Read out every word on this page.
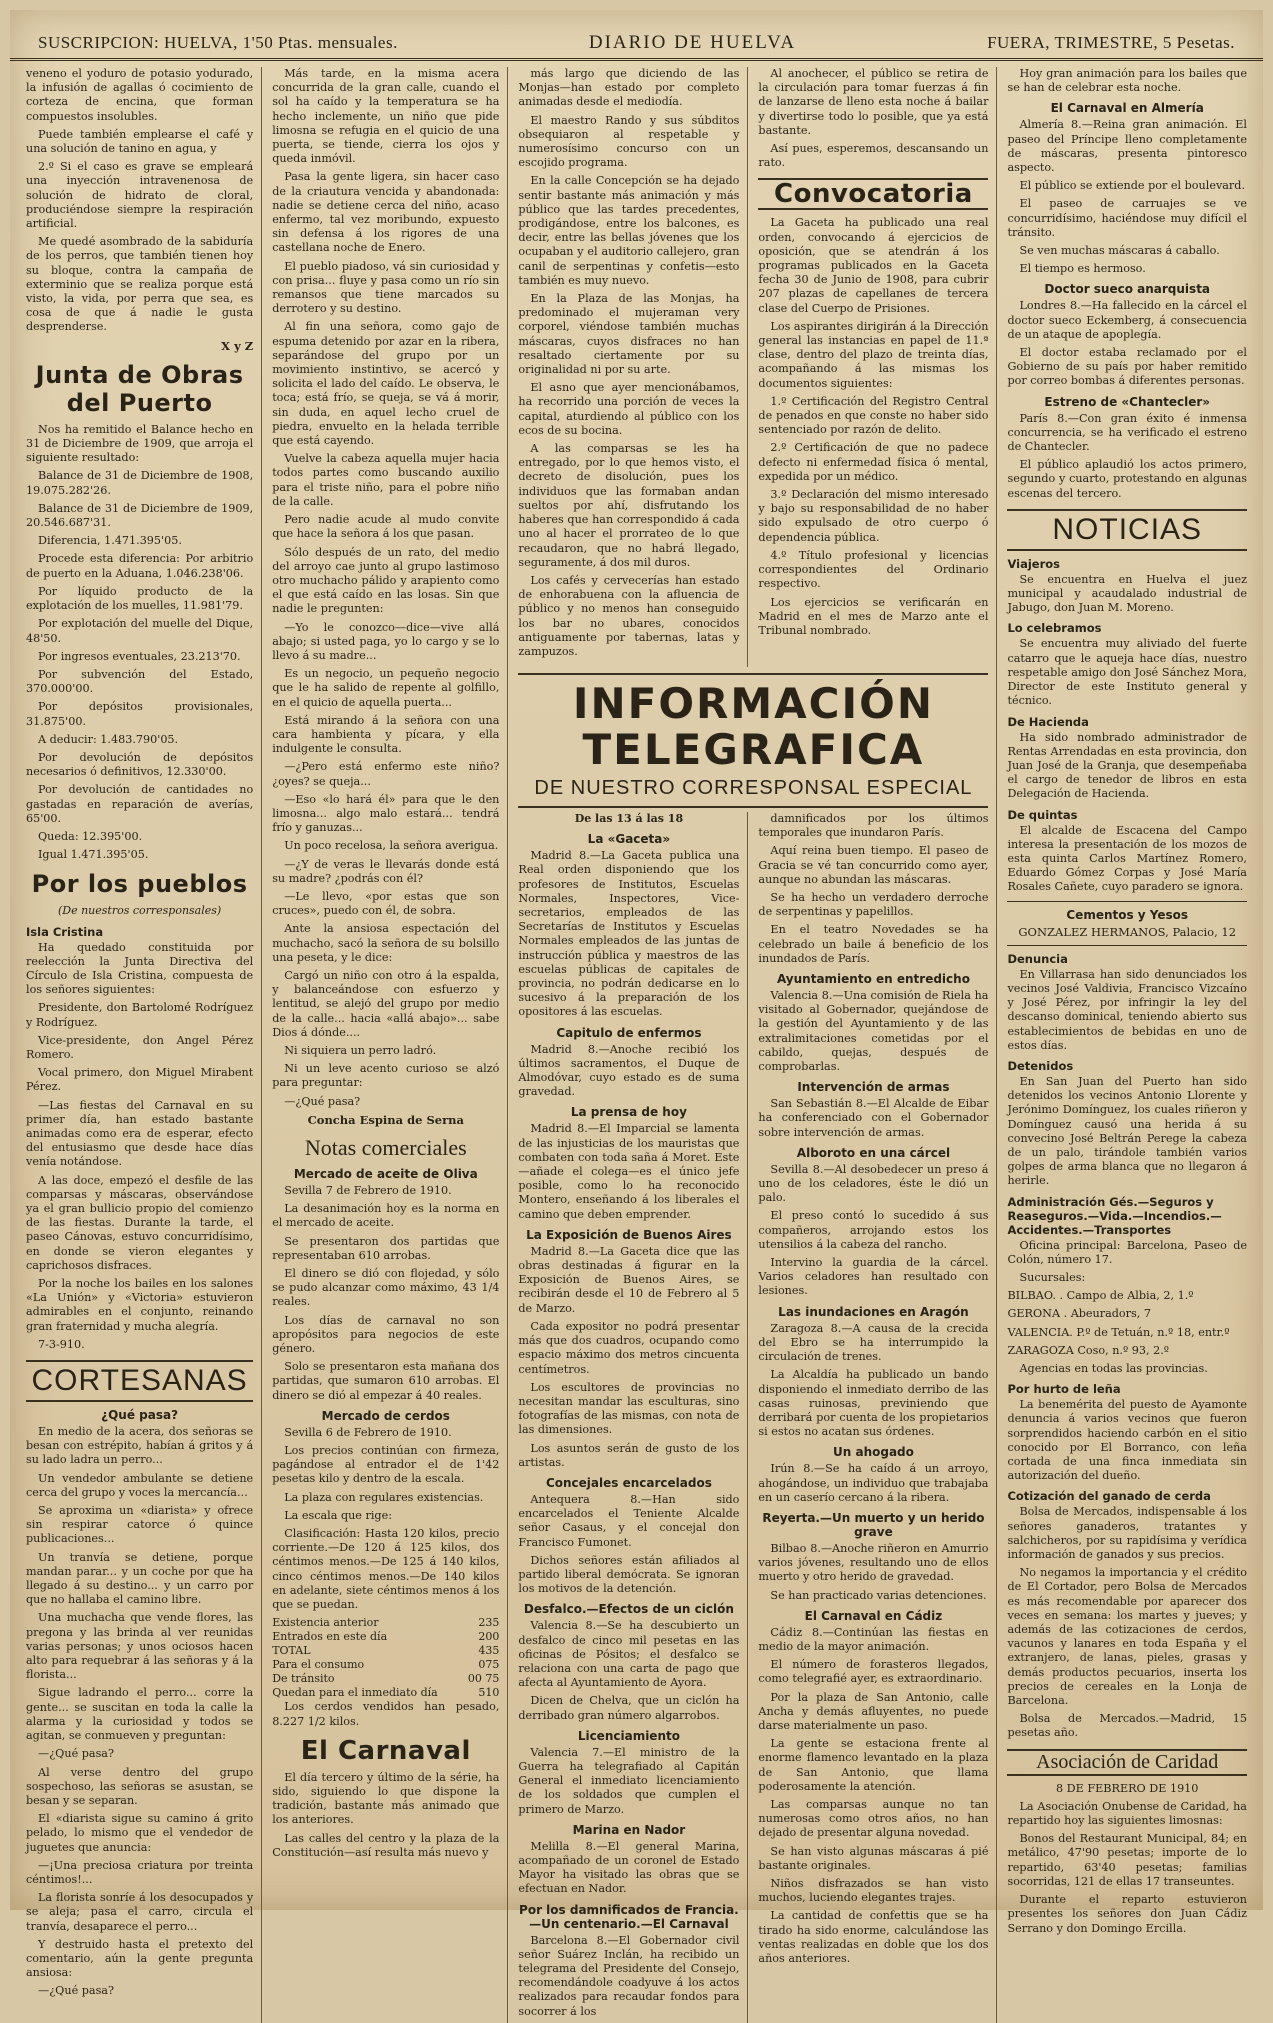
SUSCRIPCION: HUELVA, 1'50 Ptas. mensuales.	DIARIO DE HUELVA	FUERA, TRIMESTRE, 5 Pesetas.

veneno el yoduro de potasio yodurado, la infusión de agallas ó cocimiento de corteza de encina, que forman compuestos insolubles.

Puede también emplearse el café y una solución de tanino en agua, y

2.º Si el caso es grave se empleará una inyección intravenenosa de solución de hidrato de cloral, produciéndose siempre la respiración artificial.

Me quedé asombrado de la sabiduría de los perros, que también tienen hoy su bloque, contra la campaña de exterminio que se realiza porque está visto, la vida, por perra que sea, es cosa de que á nadie le gusta desprenderse.

X y Z

Junta de Obras del Puerto

Nos ha remitido el Balance hecho en 31 de Diciembre de 1909, que arroja el siguiente resultado:

Balance de 31 de Diciembre de 1908, 19.075.282'26.

Balance de 31 de Diciembre de 1909, 20.546.687'31.

Diferencia, 1.471.395'05.

Procede esta diferencia: Por arbitrio de puerto en la Aduana, 1.046.238'06.

Por líquido producto de la explotación de los muelles, 11.981'79.

Por explotación del muelle del Dique, 48'50.

Por ingresos eventuales, 23.213'70.

Por subvención del Estado, 370.000'00.

Por depósitos provisionales, 31.875'00.

A deducir: 1.483.790'05.

Por devolución de depósitos necesarios ó definitivos, 12.330'00.

Por devolución de cantidades no gastadas en reparación de averías, 65'00.

Queda: 12.395'00.

Igual 1.471.395'05.

Por los pueblos

(De nuestros corresponsales)

Isla Cristina

Ha quedado constituida por reelección la Junta Directiva del Círculo de Isla Cristina, compuesta de los señores siguientes:

Presidente, don Bartolomé Rodríguez y Rodríguez.

Vice-presidente, don Angel Pérez Romero.

Vocal primero, don Miguel Mirabent Pérez.

—Las fiestas del Carnaval en su primer día, han estado bastante animadas como era de esperar, efecto del entusiasmo que desde hace días venía notándose.

A las doce, empezó el desfile de las comparsas y máscaras, observándose ya el gran bullicio propio del comienzo de las fiestas. Durante la tarde, el paseo Cánovas, estuvo concurridísimo, en donde se vieron elegantes y caprichosos disfraces.

Por la noche los bailes en los salones «La Unión» y «Victoria» estuvieron admirables en el conjunto, reinando gran fraternidad y mucha alegría.

7-3-910.

CORTESANAS
¿Qué pasa?

En medio de la acera, dos señoras se besan con estrépito, habían á gritos y á su lado ladra un perro...

Un vendedor ambulante se detiene cerca del grupo y voces la mercancía...

Se aproxima un «diarista» y ofrece sin respirar catorce ó quince publicaciones...

Un tranvía se detiene, porque mandan parar... y un coche por que ha llegado á su destino... y un carro por que no hallaba el camino libre.

Una muchacha que vende flores, las pregona y las brinda al ver reunidas varias personas; y unos ociosos hacen alto para requebrar á las señoras y á la florista...

Sigue ladrando el perro... corre la gente... se suscitan en toda la calle la alarma y la curiosidad y todos se agitan, se conmueven y preguntan:

—¿Qué pasa?

Al verse dentro del grupo sospechoso, las señoras se asustan, se besan y se separan.

El «diarista sigue su camino á grito pelado, lo mismo que el vendedor de juguetes que anuncia:

—¡Una preciosa criatura por treinta céntimos!...

La florista sonríe á los desocupados y se aleja; pasa el carro, circula el tranvía, desaparece el perro...

Y destruido hasta el pretexto del comentario, aún la gente pregunta ansiosa:

—¿Qué pasa?

Más tarde, en la misma acera concurrida de la gran calle, cuando el sol ha caído y la temperatura se ha hecho inclemente, un niño que pide limosna se refugia en el quicio de una puerta, se tiende, cierra los ojos y queda inmóvil.

Pasa la gente ligera, sin hacer caso de la criautura vencida y abandonada: nadie se detiene cerca del niño, acaso enfermo, tal vez moribundo, expuesto sin defensa á los rigores de una castellana noche de Enero.

El pueblo piadoso, vá sin curiosidad y con prisa... fluye y pasa como un río sin remansos que tiene marcados su derrotero y su destino.

Al fin una señora, como gajo de espuma detenido por azar en la ribera, separándose del grupo por un movimiento instintivo, se acercó y solicita el lado del caído. Le observa, le toca; está frío, se queja, se vá á morir, sin duda, en aquel lecho cruel de piedra, envuelto en la helada terrible que está cayendo.

Vuelve la cabeza aquella mujer hacia todos partes como buscando auxilio para el triste niño, para el pobre niño de la calle.

Pero nadie acude al mudo convite que hace la señora á los que pasan.

Sólo después de un rato, del medio del arroyo cae junto al grupo lastimoso otro muchacho pálido y arapiento como el que está caído en las losas. Sin que nadie le pregunten:

—Yo le conozco—dice—vive allá abajo; si usted paga, yo lo cargo y se lo llevo á su madre...

Es un negocio, un pequeño negocio que le ha salido de repente al golfillo, en el quicio de aquella puerta...

Está mirando á la señora con una cara hambienta y pícara, y ella indulgente le consulta.

—¿Pero está enfermo este niño? ¿oyes? se queja...

—Eso «lo hará él» para que le den limosna... algo malo estará... tendrá frío y ganuzas...

Un poco recelosa, la señora averigua.

—¿Y de veras le llevarás donde está su madre? ¿podrás con él?

—Le llevo, «por estas que son cruces», puedo con él, de sobra.

Ante la ansiosa espectación del muchacho, sacó la señora de su bolsillo una peseta, y le dice:

Cargó un niño con otro á la espalda, y balanceándose con esfuerzo y lentitud, se alejó del grupo por medio de la calle... hacia «allá abajo»... sabe Dios á dónde....

Ni siquiera un perro ladró.

Ni un leve acento curioso se alzó para preguntar:

—¿Qué pasa?

Concha Espina de Serna

Notas comerciales
Mercado de aceite de Oliva

Sevilla 7 de Febrero de 1910.

La desanimación hoy es la norma en el mercado de aceite.

Se presentaron dos partidas que representaban 610 arrobas.

El dinero se dió con flojedad, y sólo se pudo alcanzar como máximo, 43 1/4 reales.

Los días de carnaval no son apropósitos para negocios de este género.

Solo se presentaron esta mañana dos partidas, que sumaron 610 arrobas. El dinero se dió al empezar á 40 reales.

Mercado de cerdos

Sevilla 6 de Febrero de 1910.

Los precios continúan con firmeza, pagándose al entrador el de 1'42 pesetas kilo y dentro de la escala.

La plaza con regulares existencias.

La escala que rige:

Clasificación: Hasta 120 kilos, precio corriente.—De 120 á 125 kilos, dos céntimos menos.—De 125 á 140 kilos, cinco céntimos menos.—De 140 kilos en adelante, siete céntimos menos á los que se puedan.

Existencia anterior	235
Entrados en este día	200
TOTAL	435
Para el consumo	075
De tránsito	00 75
Quedan para el inmediato día	510

Los cerdos vendidos han pesado, 8.227 1/2 kilos.

El Carnaval

El día tercero y último de la série, ha sido, siguiendo lo que dispone la tradición, bastante más animado que los anteriores.

Las calles del centro y la plaza de la Constitución—así resulta más nuevo y

más largo que diciendo de las Monjas—han estado por completo animadas desde el mediodía.

El maestro Rando y sus súbditos obsequiaron al respetable y numerosísimo concurso con un escojido programa.

En la calle Concepción se ha dejado sentir bastante más animación y más público que las tardes precedentes, prodigándose, entre los balcones, es decir, entre las bellas jóvenes que los ocupaban y el auditorio callejero, gran canil de serpentinas y confetis—esto también es muy nuevo.

En la Plaza de las Monjas, ha predominado el mujeraman very corporel, viéndose también muchas máscaras, cuyos disfraces no han resaltado ciertamente por su originalidad ni por su arte.

El asno que ayer mencionábamos, ha recorrido una porción de veces la capital, aturdiendo al público con los ecos de su bocina.

A las comparsas se les ha entregado, por lo que hemos visto, el decreto de disolución, pues los individuos que las formaban andan sueltos por ahí, disfrutando los haberes que han correspondido á cada uno al hacer el prorrateo de lo que recaudaron, que no habrá llegado, seguramente, á dos mil duros.

Los cafés y cervecerías han estado de enhorabuena con la afluencia de público y no menos han conseguido los bar no ubares, conocidos antiguamente por tabernas, latas y zampuzos.

Al anochecer, el público se retira de la circulación para tomar fuerzas á fin de lanzarse de lleno esta noche á bailar y divertirse todo lo posible, que ya está bastante.

Así pues, esperemos, descansando un rato.

Convocatoria

La Gaceta ha publicado una real orden, convocando á ejercicios de oposición, que se atendrán á los programas publicados en la Gaceta fecha 30 de Junio de 1908, para cubrir 207 plazas de capellanes de tercera clase del Cuerpo de Prisiones.

Los aspirantes dirigirán á la Dirección general las instancias en papel de 11.ª clase, dentro del plazo de treinta días, acompañando á las mismas los documentos siguientes:

1.º Certificación del Registro Central de penados en que conste no haber sido sentenciado por razón de delito.

2.º Certificación de que no padece defecto ni enfermedad física ó mental, expedida por un médico.

3.º Declaración del mismo interesado y bajo su responsabilidad de no haber sido expulsado de otro cuerpo ó dependencia pública.

4.º Título profesional y licencias correspondientes del Ordinario respectivo.

Los ejercicios se verificarán en Madrid en el mes de Marzo ante el Tribunal nombrado.

INFORMACIÓN TELEGRAFICA
DE NUESTRO CORRESPONSAL ESPECIAL

De las 13 á las 18

La «Gaceta»

Madrid 8.—La Gaceta publica una Real orden disponiendo que los profesores de Institutos, Escuelas Normales, Inspectores, Vice-secretarios, empleados de las Secretarías de Institutos y Escuelas Normales empleados de las juntas de instrucción pública y maestros de las escuelas públicas de capitales de provincia, no podrán dedicarse en lo sucesivo á la preparación de los opositores á las escuelas.

Capitulo de enfermos

Madrid 8.—Anoche recibió los últimos sacramentos, el Duque de Almodóvar, cuyo estado es de suma gravedad.

La prensa de hoy

Madrid 8.—El Imparcial se lamenta de las injusticias de los mauristas que combaten con toda saña á Moret. Este—añade el colega—es el único jefe posible, como lo ha reconocido Montero, enseñando á los liberales el camino que deben emprender.

La Exposición de Buenos Aires

Madrid 8.—La Gaceta dice que las obras destinadas á figurar en la Exposición de Buenos Aires, se recibirán desde el 10 de Febrero al 5 de Marzo.

Cada expositor no podrá presentar más que dos cuadros, ocupando como espacio máximo dos metros cincuenta centímetros.

Los escultores de provincias no necesitan mandar las esculturas, sino fotografías de las mismas, con nota de las dimensiones.

Los asuntos serán de gusto de los artistas.

Concejales encarcelados

Antequera 8.—Han sido encarcelados el Teniente Alcalde señor Casaus, y el concejal don Francisco Fumonet.

Dichos señores están afiliados al partido liberal demócrata. Se ignoran los motivos de la detención.

Desfalco.—Efectos de un ciclón

Valencia 8.—Se ha descubierto un desfalco de cinco mil pesetas en las oficinas de Pósitos; el desfalco se relaciona con una carta de pago que afecta al Ayuntamiento de Ayora.

Dicen de Chelva, que un ciclón ha derribado gran número algarrobos.

Licenciamiento

Valencia 7.—El ministro de la Guerra ha telegrafiado al Capitán General el inmediato licenciamiento de los soldados que cumplen el primero de Marzo.

Marina en Nador

Melilla 8.—El general Marina, acompañado de un coronel de Estado Mayor ha visitado las obras que se efectuan en Nador.

Por los damnificados de Francia.—Un centenario.—El Carnaval

Barcelona 8.—El Gobernador civil señor Suárez Inclán, ha recibido un telegrama del Presidente del Consejo, recomendándole coadyuve á los actos realizados para recaudar fondos para socorrer á los

damnificados por los últimos temporales que inundaron París.

Aquí reina buen tiempo. El paseo de Gracia se vé tan concurrido como ayer, aunque no abundan las máscaras.

Se ha hecho un verdadero derroche de serpentinas y papelillos.

En el teatro Novedades se ha celebrado un baile á beneficio de los inundados de París.

Ayuntamiento en entredicho

Valencia 8.—Una comisión de Riela ha visitado al Gobernador, quejándose de la gestión del Ayuntamiento y de las extralimitaciones cometidas por el cabildo, quejas, después de comprobarlas.

Intervención de armas

San Sebastián 8.—El Alcalde de Eibar ha conferenciado con el Gobernador sobre intervención de armas.

Alboroto en una cárcel

Sevilla 8.—Al desobedecer un preso á uno de los celadores, éste le dió un palo.

El preso contó lo sucedido á sus compañeros, arrojando estos los utensilios á la cabeza del rancho.

Intervino la guardia de la cárcel. Varios celadores han resultado con lesiones.

Las inundaciones en Aragón

Zaragoza 8.—A causa de la crecida del Ebro se ha interrumpido la circulación de trenes.

La Alcaldía ha publicado un bando disponiendo el inmediato derribo de las casas ruinosas, previniendo que derribará por cuenta de los propietarios si estos no acatan sus órdenes.

Un ahogado

Irún 8.—Se ha caído á un arroyo, ahogándose, un individuo que trabajaba en un caserío cercano á la ribera.

Reyerta.—Un muerto y un herido grave

Bilbao 8.—Anoche riñeron en Amurrio varios jóvenes, resultando uno de ellos muerto y otro herido de gravedad.

Se han practicado varias detenciones.

El Carnaval en Cádiz

Cádiz 8.—Continúan las fiestas en medio de la mayor animación.

El número de forasteros llegados, como telegrafié ayer, es extraordinario.

Por la plaza de San Antonio, calle Ancha y demás afluyentes, no puede darse materialmente un paso.

La gente se estaciona frente al enorme flamenco levantado en la plaza de San Antonio, que llama poderosamente la atención.

Las comparsas aunque no tan numerosas como otros años, no han dejado de presentar alguna novedad.

Se han visto algunas máscaras á pié bastante originales.

Niños disfrazados se han visto muchos, luciendo elegantes trajes.

La cantidad de confettis que se ha tirado ha sido enorme, calculándose las ventas realizadas en doble que los dos años anteriores.

Hoy gran animación para los bailes que se han de celebrar esta noche.

El Carnaval en Almería

Almería 8.—Reina gran animación. El paseo del Príncipe lleno completamente de máscaras, presenta pintoresco aspecto.

El público se extiende por el boulevard.

El paseo de carruajes se ve concurridísimo, haciéndose muy difícil el tránsito.

Se ven muchas máscaras á caballo.

El tiempo es hermoso.

Doctor sueco anarquista

Londres 8.—Ha fallecido en la cárcel el doctor sueco Eckemberg, á consecuencia de un ataque de apoplegía.

El doctor estaba reclamado por el Gobierno de su país por haber remitido por correo bombas á diferentes personas.

Estreno de «Chantecler»

París 8.—Con gran éxito é inmensa concurrencia, se ha verificado el estreno de Chantecler.

El público aplaudió los actos primero, segundo y cuarto, protestando en algunas escenas del tercero.

NOTICIAS
Viajeros

Se encuentra en Huelva el juez municipal y acaudalado industrial de Jabugo, don Juan M. Moreno.

Lo celebramos

Se encuentra muy aliviado del fuerte catarro que le aqueja hace días, nuestro respetable amigo don José Sánchez Mora, Director de este Instituto general y técnico.

De Hacienda

Ha sido nombrado administrador de Rentas Arrendadas en esta provincia, don Juan José de la Granja, que desempeñaba el cargo de tenedor de libros en esta Delegación de Hacienda.

De quintas

El alcalde de Escacena del Campo interesa la presentación de los mozos de esta quinta Carlos Martínez Romero, Eduardo Gómez Corpas y José María Rosales Cañete, cuyo paradero se ignora.

Cementos y Yesos

GONZALEZ HERMANOS, Palacio, 12

Denuncia

En Villarrasa han sido denunciados los vecinos José Valdivia, Francisco Vizcaíno y José Pérez, por infringir la ley del descanso dominical, teniendo abierto sus establecimientos de bebidas en uno de estos días.

Detenidos

En San Juan del Puerto han sido detenidos los vecinos Antonio Llorente y Jerónimo Domínguez, los cuales riñeron y Domínguez causó una herida á su convecino José Beltrán Perege la cabeza de un palo, tirándole también varios golpes de arma blanca que no llegaron á herirle.

Administración Gés.—Seguros y Reaseguros.—Vida.—Incendios.—Accidentes.—Transportes

Oficina principal: Barcelona, Paseo de Colón, número 17.

Sucursales:

BILBAO. . Campo de Albia, 2, 1.º

GERONA . Abeuradors, 7

VALENCIA. P.º de Tetuán, n.º 18, entr.º

ZARAGOZA Coso, n.º 93, 2.º

Agencias en todas las provincias.

Por hurto de leña

La benemérita del puesto de Ayamonte denuncia á varios vecinos que fueron sorprendidos haciendo carbón en el sitio conocido por El Borranco, con leña cortada de una finca inmediata sin autorización del dueño.

Cotización del ganado de cerda

Bolsa de Mercados, indispensable á los señores ganaderos, tratantes y salchicheros, por su rapidísima y verídica información de ganados y sus precios.

No negamos la importancia y el crédito de El Cortador, pero Bolsa de Mercados es más recomendable por aparecer dos veces en semana: los martes y jueves; y además de las cotizaciones de cerdos, vacunos y lanares en toda España y el extranjero, de lanas, pieles, grasas y demás productos pecuarios, inserta los precios de cereales en la Lonja de Barcelona.

Bolsa de Mercados.—Madrid, 15 pesetas año.

Asociación de Caridad

8 DE FEBRERO DE 1910

La Asociación Onubense de Caridad, ha repartido hoy las siguientes limosnas:

Bonos del Restaurant Municipal, 84; en metálico, 47'90 pesetas; importe de lo repartido, 63'40 pesetas; familias socorridas, 121 de ellas 17 transeuntes.

Durante el reparto estuvieron presentes los señores don Juan Cádiz Serrano y don Domingo Ercilla.
